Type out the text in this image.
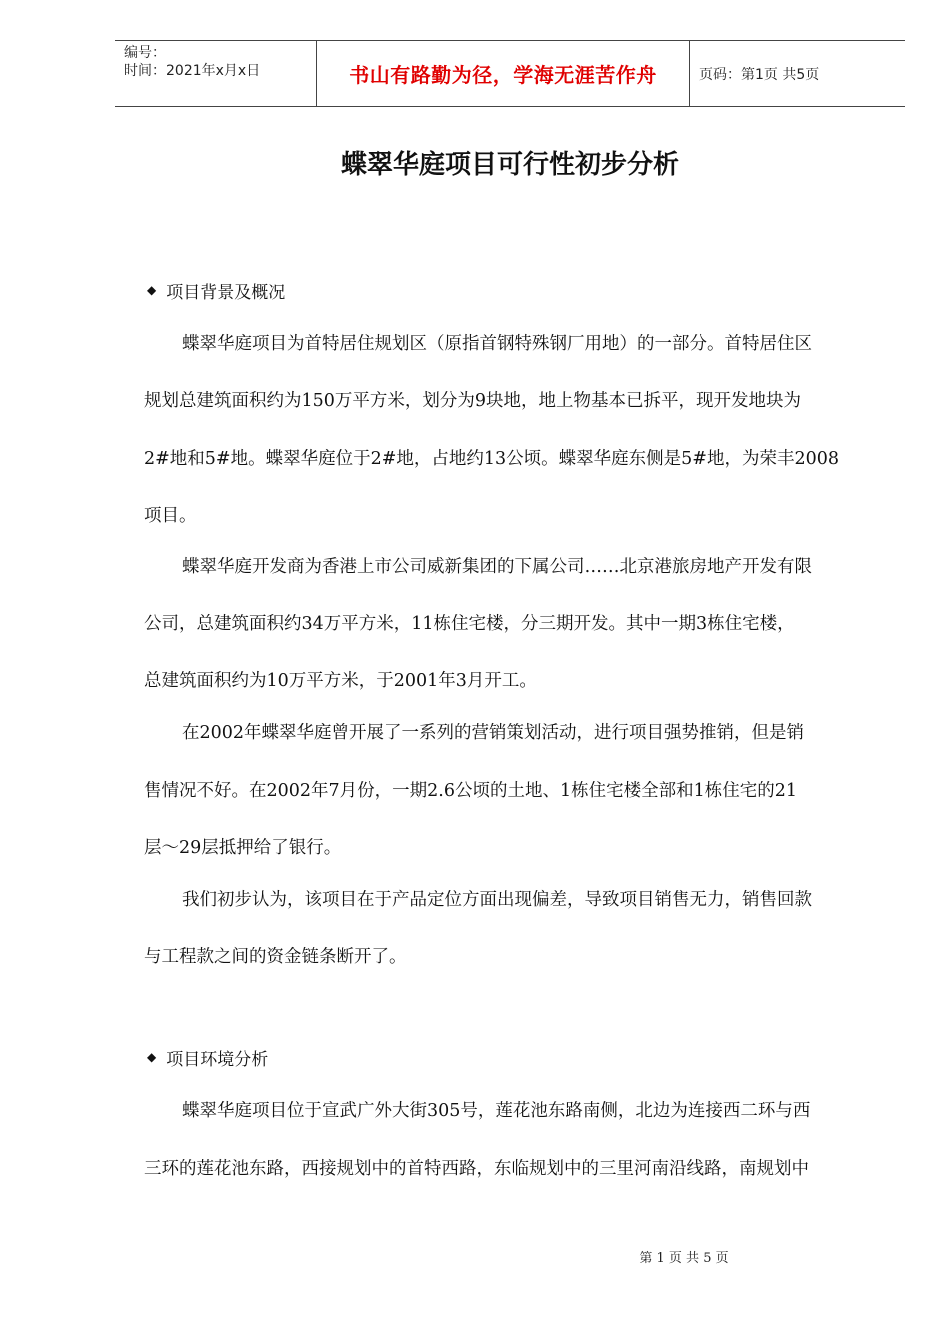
编号：
时间：2021年x月x日	书山有路勤为径，学海无涯苦作舟	页码：第1页 共5页
蝶翠华庭项目可行性初步分析
◆ 项目背景及概况
蝶翠华庭项目为首特居住规划区（原指首钢特殊钢厂用地）的一部分。首特居住区
规划总建筑面积约为150万平方米，划分为9块地，地上物基本已拆平，现开发地块为
2#地和5#地。蝶翠华庭位于2#地，占地约13公顷。蝶翠华庭东侧是5#地，为荣丰2008
项目。
蝶翠华庭开发商为香港上市公司威新集团的下属公司……北京港旅房地产开发有限
公司，总建筑面积约34万平方米，11栋住宅楼，分三期开发。其中一期3栋住宅楼，
总建筑面积约为10万平方米，于2001年3月开工。
在2002年蝶翠华庭曾开展了一系列的营销策划活动，进行项目强势推销，但是销
售情况不好。在2002年7月份，一期2.6公顷的土地、1栋住宅楼全部和1栋住宅的21
层～29层抵押给了银行。
我们初步认为，该项目在于产品定位方面出现偏差，导致项目销售无力，销售回款
与工程款之间的资金链条断开了。
◆ 项目环境分析
蝶翠华庭项目位于宣武广外大街305号，莲花池东路南侧，北边为连接西二环与西
三环的莲花池东路，西接规划中的首特西路，东临规划中的三里河南沿线路，南规划中
第 1 页 共 5 页
